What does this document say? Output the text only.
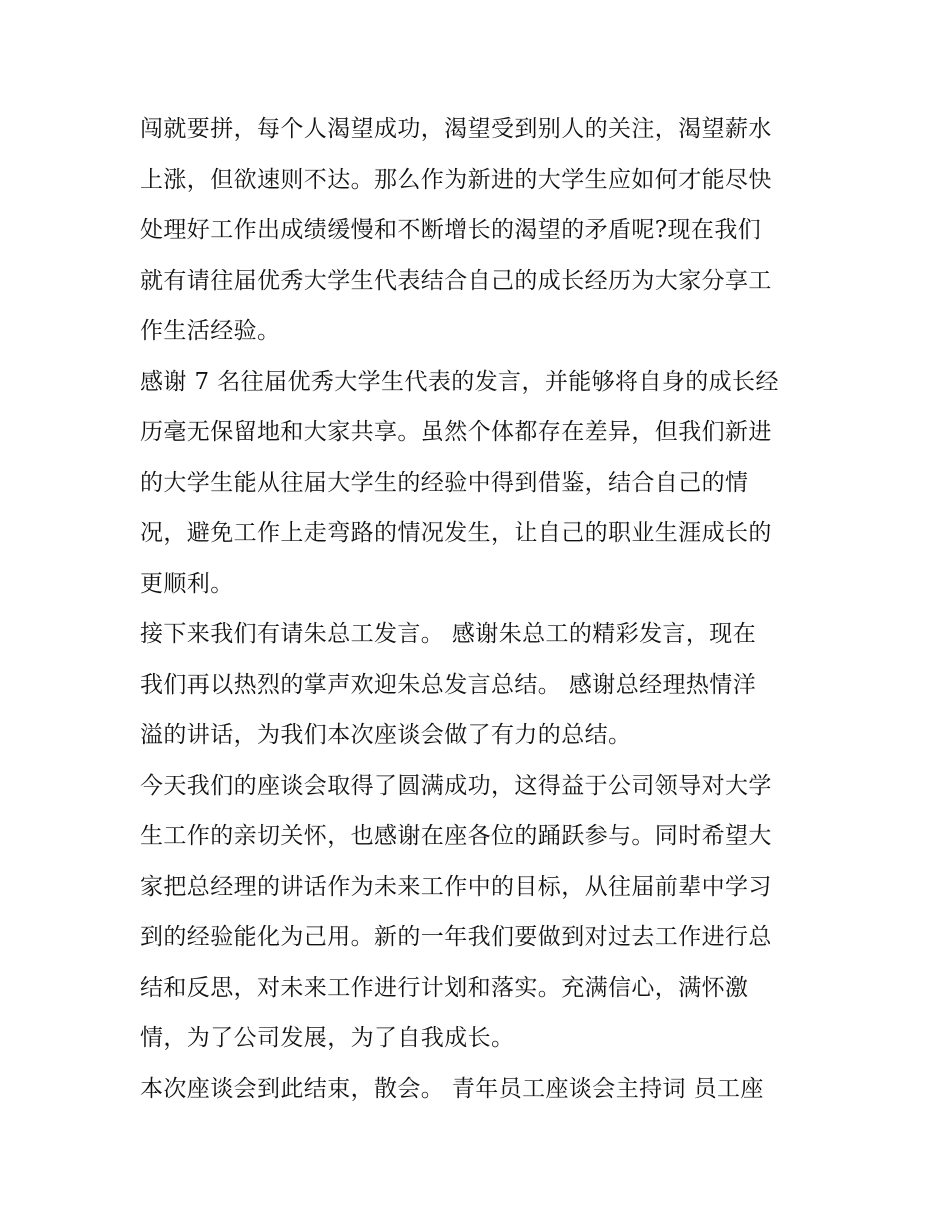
闯就要拼，每个人渴望成功，渴望受到别人的关注，渴望薪水
上涨，但欲速则不达。那么作为新进的大学生应如何才能尽快
处理好工作出成绩缓慢和不断增长的渴望的矛盾呢?现在我们
就有请往届优秀大学生代表结合自己的成长经历为大家分享工
作生活经验。
感谢 7 名往届优秀大学生代表的发言，并能够将自身的成长经
历毫无保留地和大家共享。虽然个体都存在差异，但我们新进
的大学生能从往届大学生的经验中得到借鉴，结合自己的情
况，避免工作上走弯路的情况发生，让自己的职业生涯成长的
更顺利。
接下来我们有请朱总工发言。 感谢朱总工的精彩发言，现在
我们再以热烈的掌声欢迎朱总发言总结。 感谢总经理热情洋
溢的讲话，为我们本次座谈会做了有力的总结。
今天我们的座谈会取得了圆满成功，这得益于公司领导对大学
生工作的亲切关怀，也感谢在座各位的踊跃参与。同时希望大
家把总经理的讲话作为未来工作中的目标，从往届前辈中学习
到的经验能化为己用。新的一年我们要做到对过去工作进行总
结和反思，对未来工作进行计划和落实。充满信心，满怀激
情，为了公司发展，为了自我成长。
本次座谈会到此结束，散会。 青年员工座谈会主持词 员工座
